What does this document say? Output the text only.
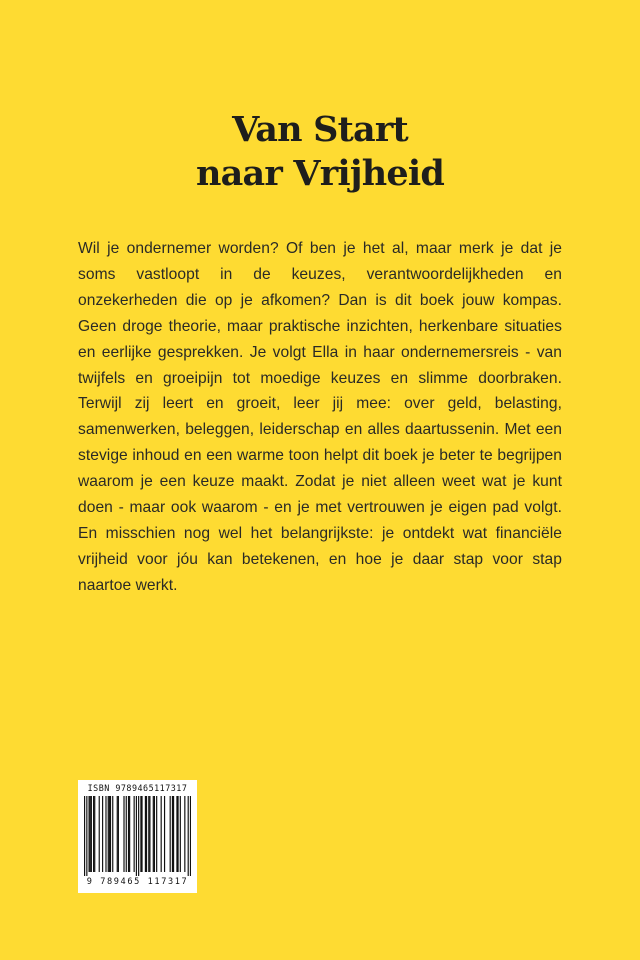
Van Start
naar Vrijheid

Wil je ondernemer worden? Of ben je het al, maar merk je dat je soms vastloopt in de keuzes, verantwoordelijkheden en onzekerheden die op je afkomen? Dan is dit boek jouw kompas. Geen droge theorie, maar praktische inzichten, herkenbare situaties en eerlijke gesprekken. Je volgt Ella in haar ondernemersreis - van twijfels en groeipijn tot moedige keuzes en slimme doorbraken. Terwijl zij leert en groeit, leer jij mee: over geld, belasting, samenwerken, beleggen, leiderschap en alles daartussenin. Met een stevige inhoud en een warme toon helpt dit boek je beter te begrijpen waarom je een keuze maakt. Zodat je niet alleen weet wat je kunt doen - maar ook waarom - en je met vertrouwen je eigen pad volgt. En misschien nog wel het belangrijkste: je ontdekt wat financiële vrijheid voor jóu kan betekenen, en hoe je daar stap voor stap naartoe werkt.

ISBN 9789465117317
9 789465 117317
